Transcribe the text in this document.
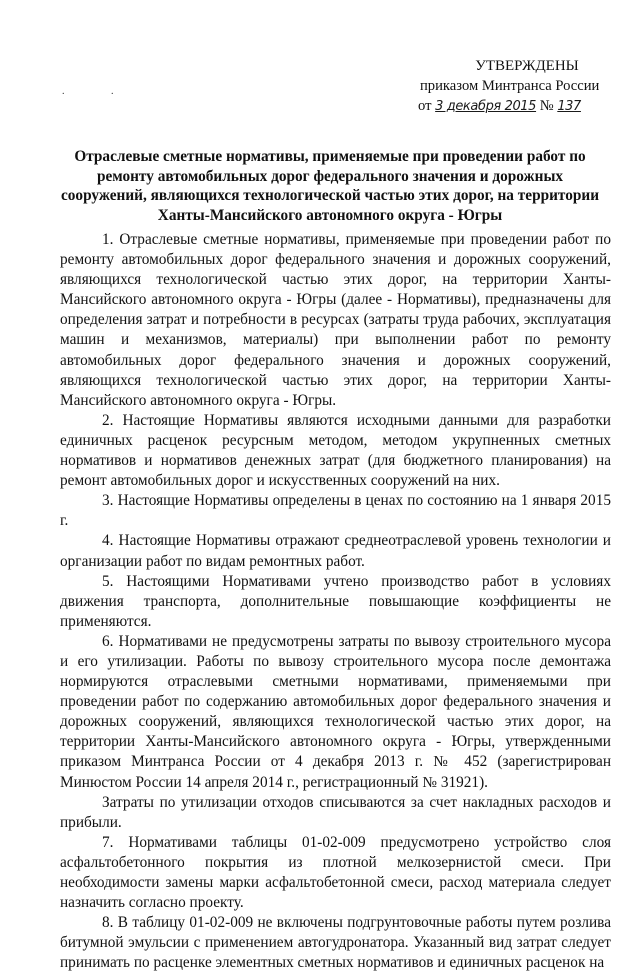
. .
УТВЕРЖДЕНЫ
приказом Минтранса России
от 3 декабря 2015 № 137
Отраслевые сметные нормативы, применяемые при проведении работ по ремонту автомобильных дорог федерального значения и дорожных сооружений, являющихся технологической частью этих дорог, на территории Ханты-Мансийского автономного округа - Югры

1. Отраслевые сметные нормативы, применяемые при проведении работ по ремонту автомобильных дорог федерального значения и дорожных сооружений, являющихся технологической частью этих дорог, на территории Ханты-Мансийского автономного округа - Югры (далее - Нормативы), предназначены для определения затрат и потребности в ресурсах (затраты труда рабочих, эксплуатация машин и механизмов, материалы) при выполнении работ по ремонту автомобильных дорог федерального значения и дорожных сооружений, являющихся технологической частью этих дорог, на территории Ханты-Мансийского автономного округа - Югры.

2. Настоящие Нормативы являются исходными данными для разработки единичных расценок ресурсным методом, методом укрупненных сметных нормативов и нормативов денежных затрат (для бюджетного планирования) на ремонт автомобильных дорог и искусственных сооружений на них.

3. Настоящие Нормативы определены в ценах по состоянию на 1 января 2015 г.

4. Настоящие Нормативы отражают среднеотраслевой уровень технологии и организации работ по видам ремонтных работ.

5. Настоящими Нормативами учтено производство работ в условиях движения транспорта, дополнительные повышающие коэффициенты не применяются.

6. Нормативами не предусмотрены затраты по вывозу строительного мусора и его утилизации. Работы по вывозу строительного мусора после демонтажа нормируются отраслевыми сметными нормативами, применяемыми при проведении работ по содержанию автомобильных дорог федерального значения и дорожных сооружений, являющихся технологической частью этих дорог, на территории Ханты-Мансийского автономного округа - Югры, утвержденными приказом Минтранса России от 4 декабря 2013 г. № 452 (зарегистрирован Минюстом России 14 апреля 2014 г., регистрационный № 31921).

Затраты по утилизации отходов списываются за счет накладных расходов и прибыли.

7. Нормативами таблицы 01-02-009 предусмотрено устройство слоя асфальтобетонного покрытия из плотной мелкозернистой смеси. При необходимости замены марки асфальтобетонной смеси, расход материала следует назначить согласно проекту.

8. В таблицу 01-02-009 не включены подгрунтовочные работы путем розлива битумной эмульсии с применением автогудронатора. Указанный вид затрат следует принимать по расценке элементных сметных нормативов и единичных расценок на
